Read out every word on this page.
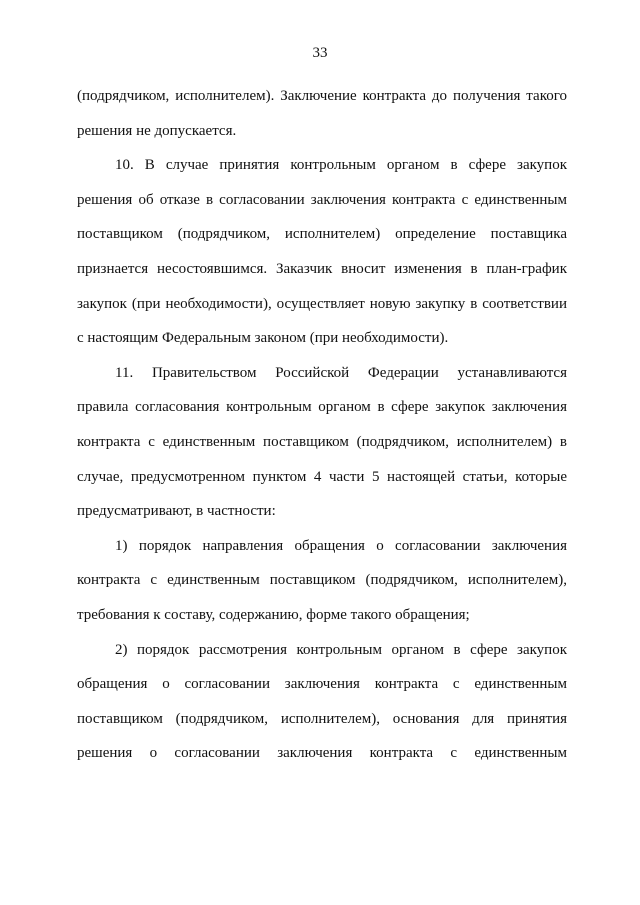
33
(подрядчиком, исполнителем). Заключение контракта до получения такого
решения не допускается.
10. В случае принятия контрольным органом в сфере закупок
решения об отказе в согласовании заключения контракта с единственным
поставщиком (подрядчиком, исполнителем) определение поставщика
признается несостоявшимся. Заказчик вносит изменения в план-график
закупок (при необходимости), осуществляет новую закупку в соответствии
с настоящим Федеральным законом (при необходимости).
11. Правительством Российской Федерации устанавливаются
правила согласования контрольным органом в сфере закупок заключения
контракта с единственным поставщиком (подрядчиком, исполнителем) в
случае, предусмотренном пунктом 4 части 5 настоящей статьи, которые
предусматривают, в частности:
1) порядок направления обращения о согласовании заключения
контракта с единственным поставщиком (подрядчиком, исполнителем),
требования к составу, содержанию, форме такого обращения;
2) порядок рассмотрения контрольным органом в сфере закупок
обращения о согласовании заключения контракта с единственным
поставщиком (подрядчиком, исполнителем), основания для принятия
решения о согласовании заключения контракта с единственным
